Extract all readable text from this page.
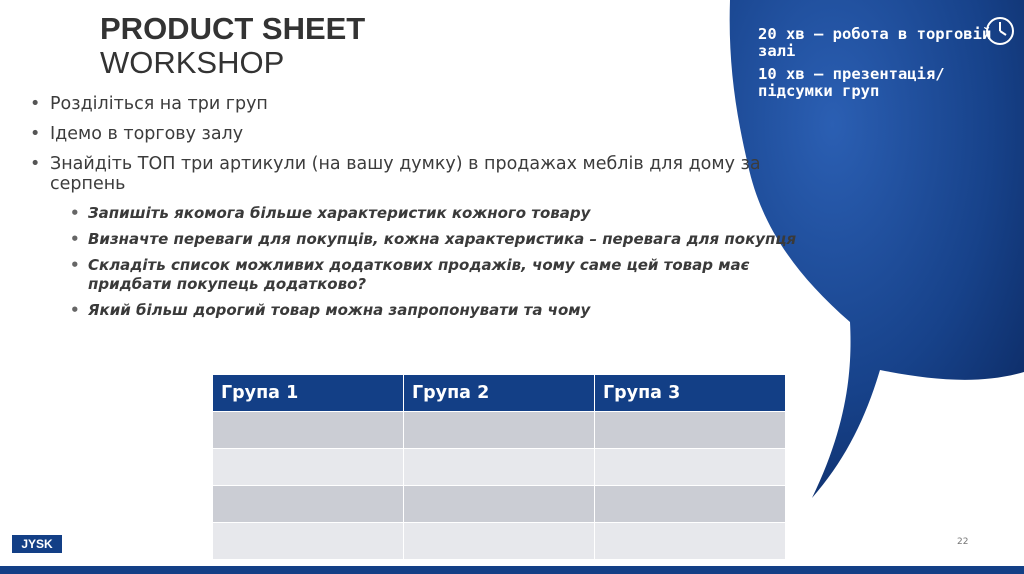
20 хв – робота в торговій залі
10 хв – презентація/підсумки груп
PRODUCT SHEET
WORKSHOP
• Розділіться на три груп
• Ідемо в торгову залу
• Знайдіть ТОП три артикули (на вашу думку) в продажах меблів для дому за серпень
• Запишіть якомога більше характеристик кожного товару
• Визначте переваги для покупців, кожна характеристика – перевага для покупця
• Складіть список можливих додаткових продажів, чому саме цей товар має придбати покупець додатково?
• Який більш дорогий товар можна запропонувати та чому
Група 1	Група 2	Група 3

JYSK	22
